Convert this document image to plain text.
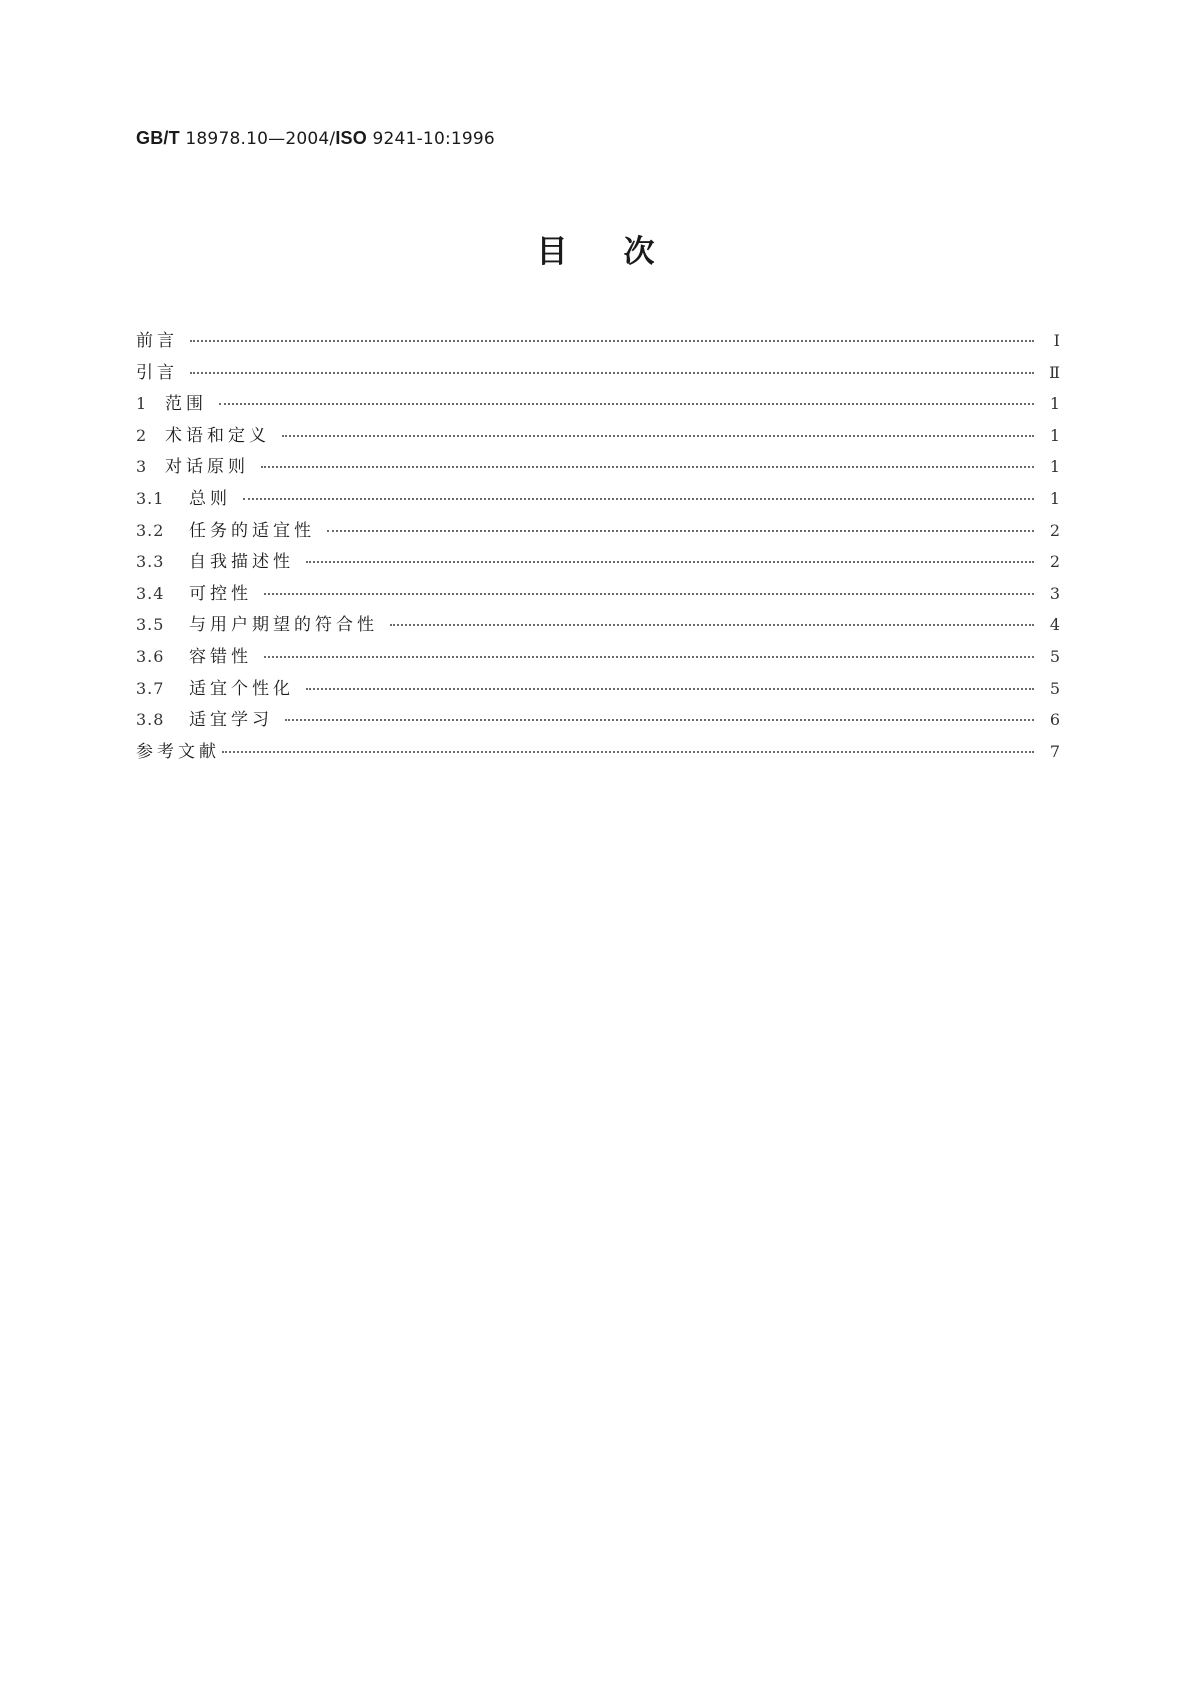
GB/T 18978.10—2004/ISO 9241-10:1996
目次
前言	Ⅰ
引言	Ⅱ
1	范围	1
2	术语和定义	1
3	对话原则	1
3.1	总则	1
3.2	任务的适宜性	2
3.3	自我描述性	2
3.4	可控性	3
3.5	与用户期望的符合性	4
3.6	容错性	5
3.7	适宜个性化	5
3.8	适宜学习	6
参考文献	7
